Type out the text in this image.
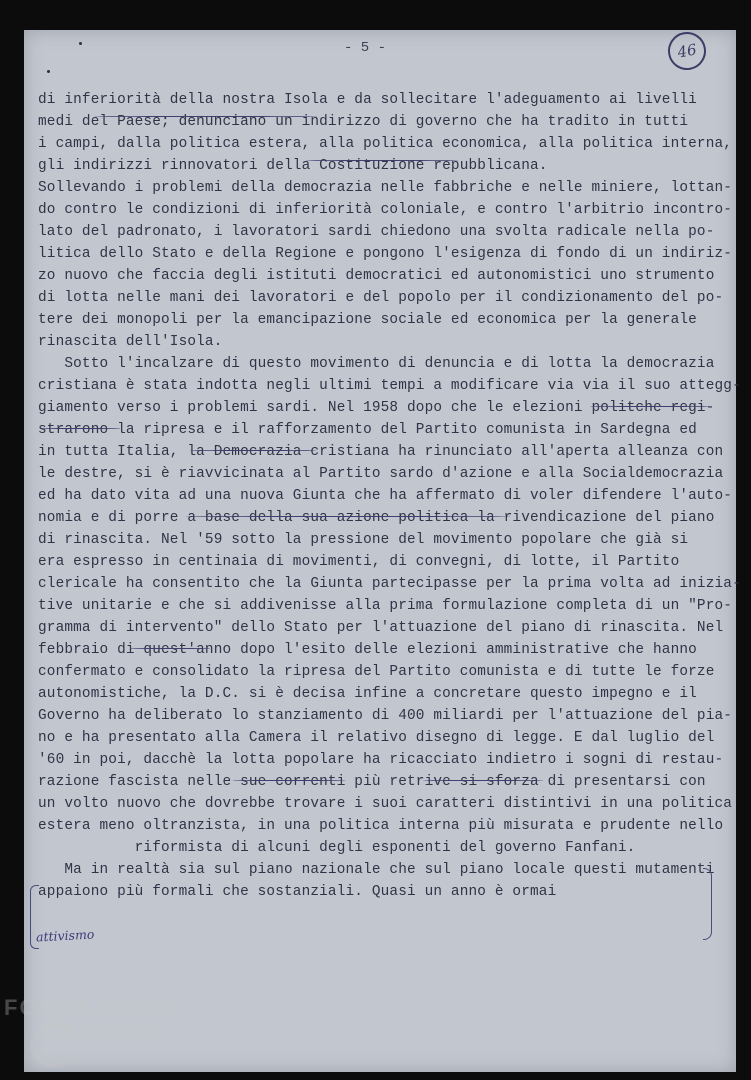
- 5 -	46
di inferiorità della nostra Isola e da sollecitare l'adeguamento ai livelli
medi del Paese; denunciano un indirizzo di governo che ha tradito in tutti
i campi, dalla politica estera, alla politica economica, alla politica interna,
gli indirizzi rinnovatori della Costituzione repubblicana.
Sollevando i problemi della democrazia nelle fabbriche e nelle miniere, lottan-
do contro le condizioni di inferiorità coloniale, e contro l'arbitrio incontro-
lato del padronato, i lavoratori sardi chiedono una svolta radicale nella po-
litica dello Stato e della Regione e pongono l'esigenza di fondo di un indiriz-
zo nuovo che faccia degli istituti democratici ed autonomistici uno strumento
di lotta nelle mani dei lavoratori e del popolo per il condizionamento del po-
tere dei monopoli per la emancipazione sociale ed economica per la generale
rinascita dell'Isola.
Sotto l'incalzare di questo movimento di denuncia e di lotta la democrazia
cristiana è stata indotta negli ultimi tempi a modificare via via il suo attegg-
giamento verso i problemi sardi. Nel 1958 dopo che le elezioni politche regi-
strarono la ripresa e il rafforzamento del Partito comunista in Sardegna ed
in tutta Italia, la Democrazia cristiana ha rinunciato all'aperta alleanza con
le destre, si è riavvicinata al Partito sardo d'azione e alla Socialdemocrazia
ed ha dato vita ad una nuova Giunta che ha affermato di voler difendere l'auto-
nomia e di porre a base della sua azione politica la rivendicazione del piano
di rinascita. Nel '59 sotto la pressione del movimento popolare che già si
era espresso in centinaia di movimenti, di convegni, di lotte, il Partito
clericale ha consentito che la Giunta partecipasse per la prima volta ad inizia-
tive unitarie e che si addivenisse alla prima formulazione completa di un "Pro-
gramma di intervento" dello Stato per l'attuazione del piano di rinascita. Nel
febbraio di quest'anno dopo l'esito delle elezioni amministrative che hanno
confermato e consolidato la ripresa del Partito comunista e di tutte le forze
autonomistiche, la D.C. si è decisa infine a concretare questo impegno e il
Governo ha deliberato lo stanziamento di 400 miliardi per l'attuazione del pia-
no e ha presentato alla Camera il relativo disegno di legge. E dal luglio del
'60 in poi, dacchè la lotta popolare ha ricacciato indietro i sogni di restau-
razione fascista nelle sue correnti più retrive si sforza di presentarsi con
un volto nuovo che dovrebbe trovare i suoi caratteri distintivi in una politica
estera meno oltranzista, in una politica interna più misurata e prudente nello
riformista di alcuni degli esponenti del governo Fanfani.
Ma in realtà sia sul piano nazionale che sul piano locale questi mutamenti
appaiono più formali che sostanziali. Quasi un anno è ormai
attivismo
FONDAZIONE
GRAMSCI
